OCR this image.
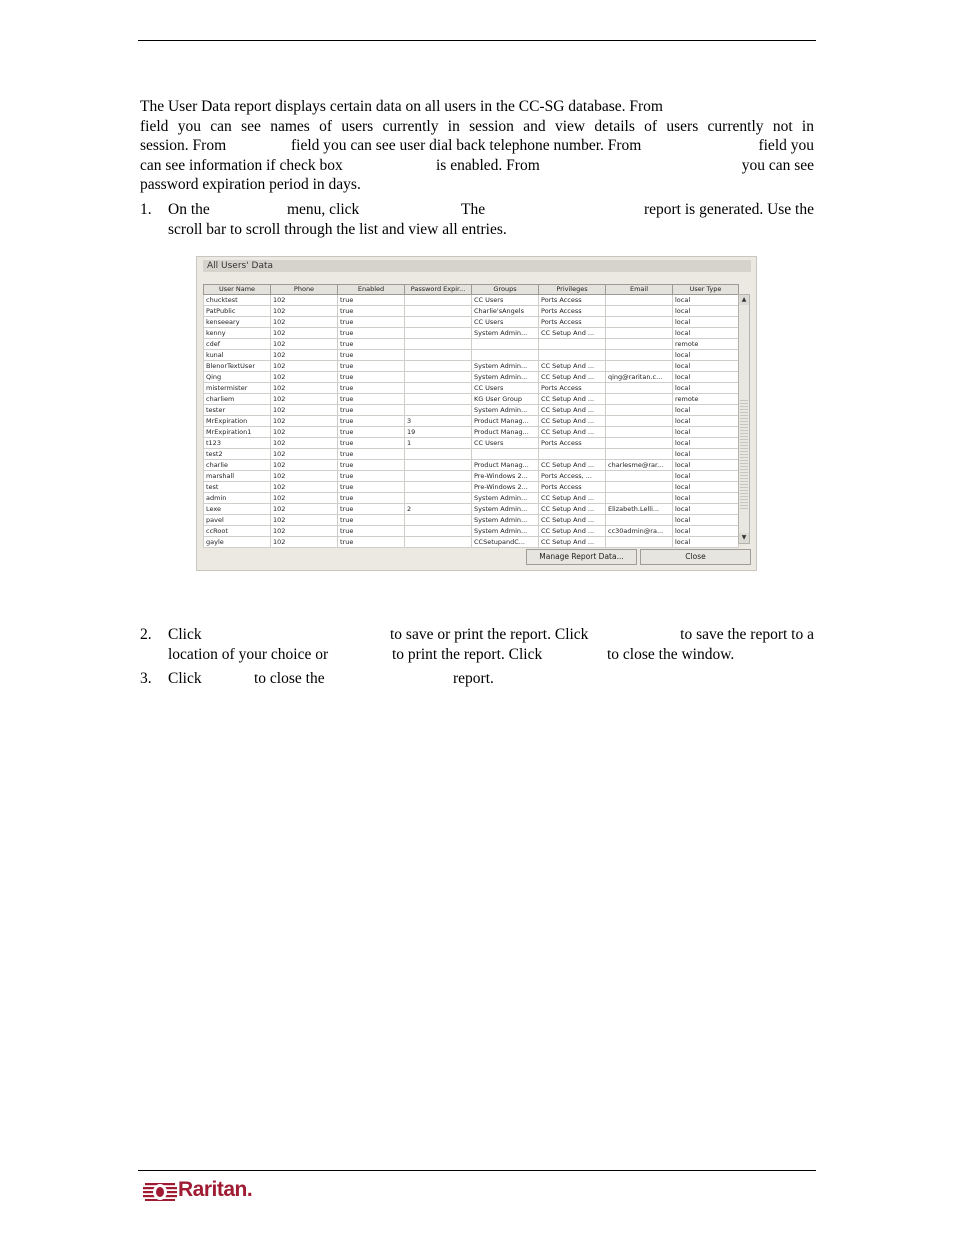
The User Data report displays certain data on all users in the CC-SG database. From
field you can see names of users currently in session and view details of users currently not in
session. From	field you can see user dial back telephone number. From	field you
can see information if check box	is enabled. From	you can see
password expiration period in days.
1. On the	menu, click	The	report is generated. Use the
scroll bar to scroll through the list and view all entries.
All Users' Data
User Name	Phone	Enabled	Password Expir...	Groups	Privileges	Email	User Type
chucktest	102	true		CC Users	Ports Access		local
PatPublic	102	true		Charlie'sAngels	Ports Access		local
kenseeary	102	true		CC Users	Ports Access		local
kenny	102	true		System Admin...	CC Setup And ...		local
cdef	102	true					remote
kunal	102	true					local
BlenorTextUser	102	true		System Admin...	CC Setup And ...		local
Qing	102	true		System Admin...	CC Setup And ...	qing@raritan.c...	local
mistermister	102	true		CC Users	Ports Access		local
charliem	102	true		KG User Group	CC Setup And ...		remote
tester	102	true		System Admin...	CC Setup And ...		local
MrExpiration	102	true	3	Product Manag...	CC Setup And ...		local
MrExpiration1	102	true	19	Product Manag...	CC Setup And ...		local
t123	102	true	1	CC Users	Ports Access		local
test2	102	true					local
charlie	102	true		Product Manag...	CC Setup And ...	charlesme@rar...	local
marshall	102	true		Pre-Windows 2...	Ports Access, ...		local
test	102	true		Pre-Windows 2...	Ports Access		local
admin	102	true		System Admin...	CC Setup And ...		local
Lexe	102	true	2	System Admin...	CC Setup And ...	Elizabeth.Lelli...	local
pavel	102	true		System Admin...	CC Setup And ...		local
ccRoot	102	true		System Admin...	CC Setup And ...	cc30admin@ra...	local
gayle	102	true		CCSetupandC...	CC Setup And ...		local
▲
▼
Manage Report Data...	Close
2. Click	to save or print the report. Click	to save the report to a
location of your choice or	to print the report. Click	to close the window.
3. Click	to close the	report.
Raritan.
